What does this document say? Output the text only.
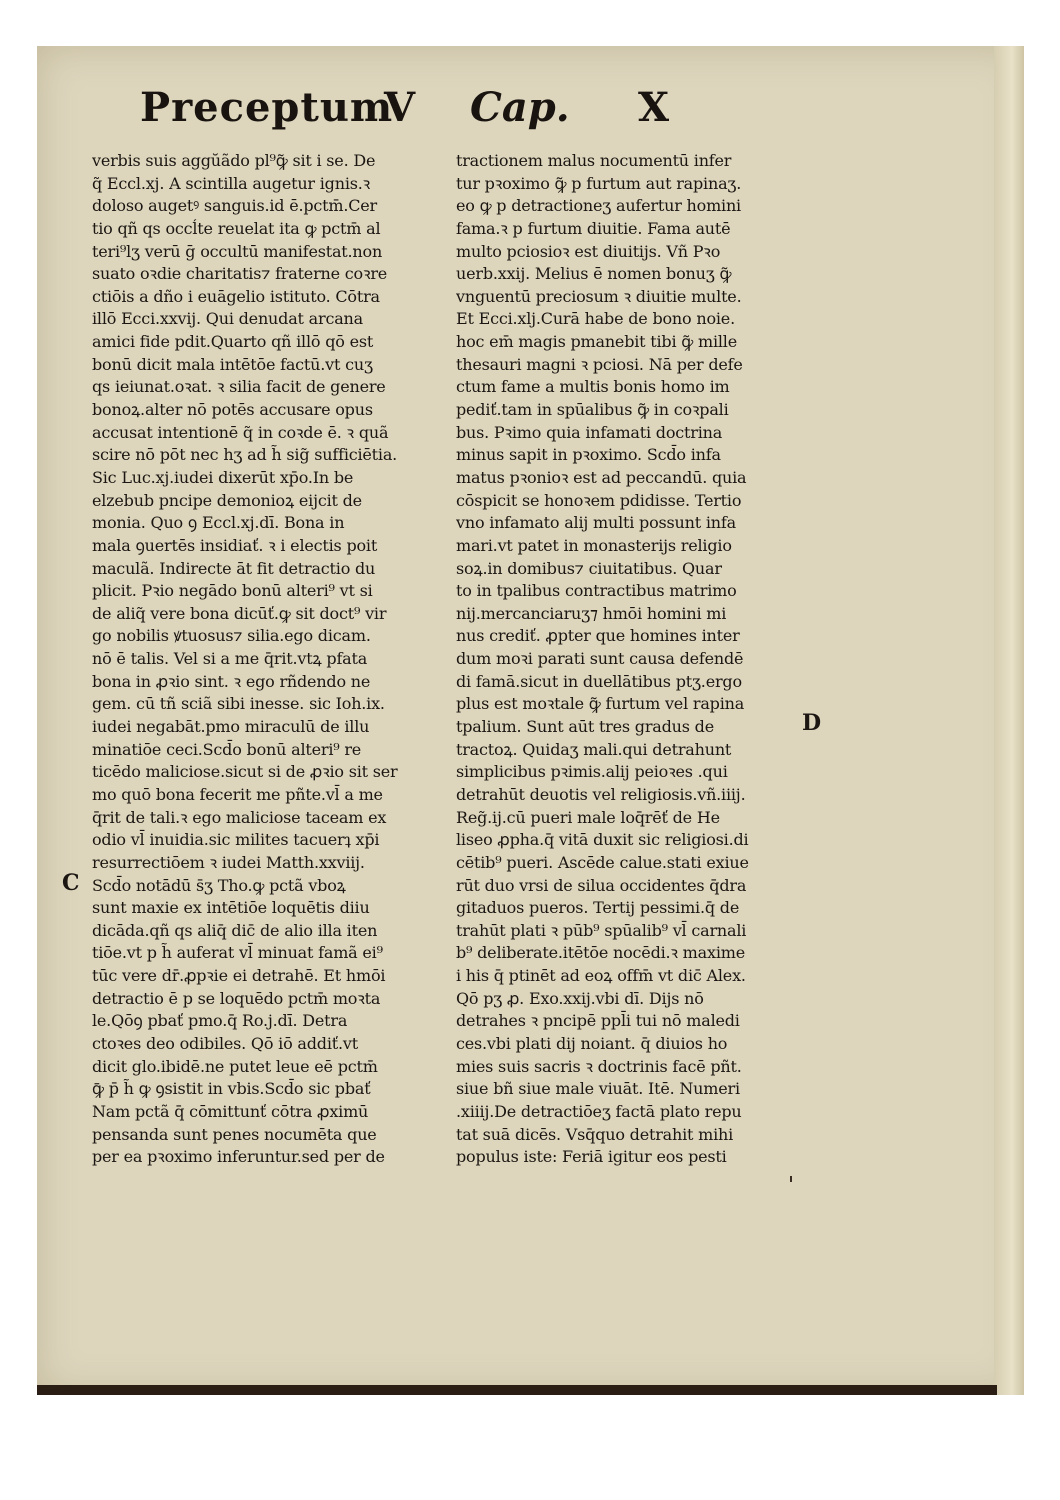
Preceptum
V Cap. X
verbis suis aggŭãdo pl⁹ꝙ̃ sit i se. De
q̃ Eccl.xj. A scintilla augetur ignis.ꝛ
doloso augetꝰ sanguis.id ē.pctm̄.Cer
tio qñ qs occĺte reuelat ita ꝙ pctm̄ al
teri⁹lʒ verū ḡ occultū manifestat.non
suato oꝛdie charitatis⁊ fraterne coꝛre
ctiōis a dño i euāgelio istituto. Cōtra
illō Ecci.xxvij. Qui denudat arcana
amici fide pdit.Quarto qñ illō qō est
bonū dicit mala intētōe factū.vt cuʒ
qs ieiunat.oꝛat. ꝛ silia facit de genere
bonoꝝ.alter nō potēs accusare opus
accusat intentionē q̃ in coꝛde ē. ꝛ quã
scire nō pōt nec hʒ ad h̃ sig̃ sufficiētia.
Sic Luc.xj.iudei dixerūt xp̄o.In be
elzebub pncipe demonioꝝ eijcit de
monia. Quo ꝯ Eccl.xj.dī. Bona in
mala ꝯuertēs insidiať. ꝛ i electis poit
maculã. Indirecte āt fit detractio du
plicit. Pꝛio negādo bonū alteri⁹ vt si
de aliq̃ vere bona dicūť.ꝙ sit doct⁹ vir
go nobilis ꝟtuosus⁊ silia.ego dicam.
nō ē talis. Vel si a me q̄rit.vtꝝ pfata
bona in ꝓꝛio sint. ꝛ ego rñdendo ne
gem. cū tñ sciã sibi inesse. sic Ioh.ix.
iudei negabāt.pmo miraculū de illu
minatiōe ceci.Scd̄o bonū alteri⁹ re
ticēdo maliciose.sicut si de ꝓꝛio sit ser
mo quō bona fecerit me pñte.vl̄ a me
q̄rit de tali.ꝛ ego maliciose taceam ex
odio vl̄ inuidia.sic milites tacuerʇ xp̄i
resurrectiōem ꝛ iudei Matth.xxviij.
Scd̄o notādū s̄ʒ Tho.ꝙ pctã vboꝝ
sunt maxie ex intētiōe loquētis diiu
dicāda.qñ qs aliq̄ dic̄ de alio illa iten
tiōe.vt p h̃ auferat vl̄ minuat famã ei⁹
tūc vere dr̄.ꝓpꝛie ei detrahē. Et hmōi
detractio ē p se loquēdo pctm̄ moꝛta
le.Qōꝯ pbať pmo.q̄ Ro.j.dī. Detra
ctoꝛes deo odibiles. Qō iō addiť.vt
dicit glo.ibidē.ne putet leue eē pctm̄
ꝙ̄ p̄ h̃ ꝙ ꝯsistit in vbis.Scd̄o sic pbať
Nam pctã q̄ cōmittunť cōtra ꝓximū
pensanda sunt penes nocumēta que
per ea pꝛoximo inferuntur.sed per de
tractionem malus nocumentū infer
tur pꝛoximo ꝙ̃ p furtum aut rapinaʒ.
eo ꝙ p detractioneʒ aufertur homini
fama.ꝛ p furtum diuitie. Fama autē
multo pciosioꝛ est diuitijs. Vñ Pꝛo
uerb.xxij. Melius ē nomen bonuʒ ꝙ̃
vnguentū preciosum ꝛ diuitie multe.
Et Ecci.xlj.Curā habe de bono noie.
hoc em̄ magis pmanebit tibi ꝙ̃ mille
thesauri magni ꝛ pciosi. Nā per defe
ctum fame a multis bonis homo im
pediť.tam in spūalibus ꝙ̃ in coꝛpali
bus. Pꝛimo quia infamati doctrina
minus sapit in pꝛoximo. Scd̄o infa
matus pꝛonioꝛ est ad peccandū. quia
cōspicit se honoꝛem pdidisse. Tertio
vno infamato alij multi possunt infa
mari.vt patet in monasterijs religio
soꝝ.in domibus⁊ ciuitatibus. Quar
to in tpalibus contractibus matrimo
nij.mercanciaruʒ⁊ hmōi homini mi
nus crediť. ꝓpter que homines inter
dum moꝛi parati sunt causa defendē
di famā.sicut in duellātibus ptʒ.ergo
plus est moꝛtale ꝙ̃ furtum vel rapina
tpalium. Sunt aūt tres gradus de
tractoꝝ. Quidaʒ mali.qui detrahunt
simplicibus pꝛimis.alij peioꝛes .qui
detrahūt deuotis vel religiosis.vñ.iiij.
Reg̃.ij.cū pueri male loq̄rēť de He
liseo ꝓpha.q̄ vitā duxit sic religiosi.di
cētib⁹ pueri. Ascēde calue.stati exiue
rūt duo vrsi de silua occidentes q̄dra
gitaduos pueros. Tertij pessimi.q̄ de
trahūt plati ꝛ pūb⁹ spūalib⁹ vl̄ carnali
b⁹ deliberate.itētōe nocēdi.ꝛ maxime
i his q̄ ptinēt ad eoꝝ offm̄ vt dic̄ Alex.
Qō pʒ ꝓ. Exo.xxij.vbi dī. Dijs nō
detrahes ꝛ pncipē ppl̄i tui nō maledi
ces.vbi plati dij noiant. q̄ diuios ho
mies suis sacris ꝛ doctrinis facē pñt.
siue bñ siue male viuāt. Itē. Numeri
.xiiij.De detractiōeʒ factā plato repu
tat suā dicēs. Vsq̄quo detrahit mihi
populus iste: Feriā igitur eos pesti
C
D
